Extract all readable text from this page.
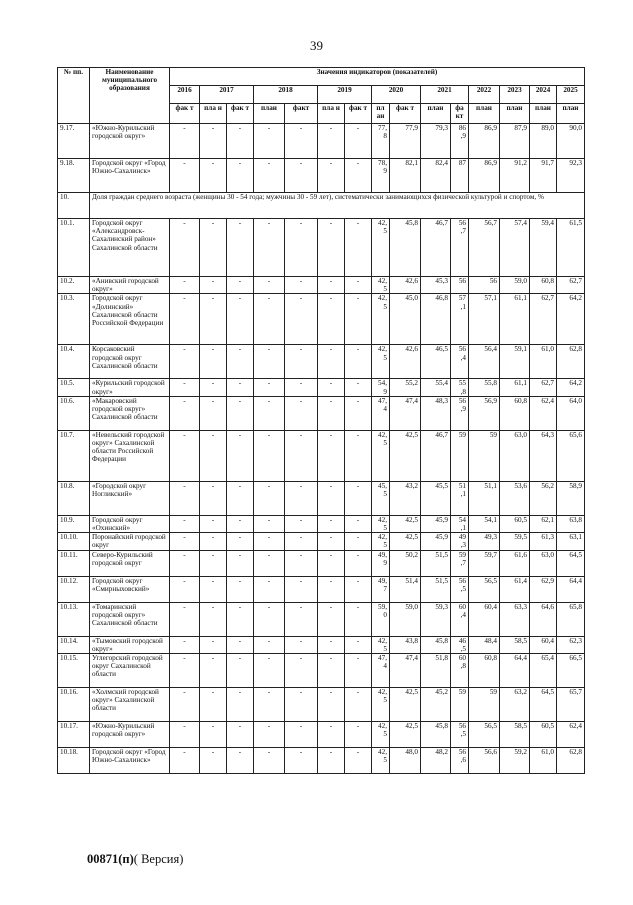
39
№ пп.	Наименование муниципального образования	Значения индикаторов (показателей)														
		2016	2017		2018		2019		2020		2021		2022	2023	2024	2025
		фак т	пла н	фак т	план	факт	пла н	фак т	пл ан	фак т	план	фа кт	план	план	план	план
9.17.	«Южно-Курильский городской округ»	-	-	-	-	-	-	-	77, 8	77,9	79,3	86 ,9	86,9	87,9	89,0	90,0
9.18.	Городской округ «Город Южно-Сахалинск»	-	-	-	-	-	-	-	78, 9	82,1	82,4	87	86,9	91,2	91,7	92,3
10.	Доля граждан среднего возраста (женщины 30 - 54 года; мужчины 30 - 59 лет), систематически занимающихся физической культурой и спортом, %															
10.1.	Городской округ «Александровск-Сахалинский район» Сахалинской области	-	-	-	-	-	-	-	42, 5	45,8	46,7	56 ,7	56,7	57,4	59,4	61,5
10.2.	«Анивский городской округ»	-	-	-	-	-	-	-	42, 5	42,6	45,3	56	56	59,0	60,8	62,7
10.3.	Городской округ «Долинский» Сахалинской области Российской Федерации	-	-	-	-	-	-	-	42, 5	45,0	46,8	57 ,1	57,1	61,1	62,7	64,2
10.4.	Корсаковский городской округ Сахалинской области	-	-	-	-	-	-	-	42, 5	42,6	46,5	56 ,4	56,4	59,1	61,0	62,8
10.5.	«Курильский городской округ»	-	-	-	-	-	-	-	54, 9	55,2	55,4	55 ,8	55,8	61,1	62,7	64,2
10.6.	«Макаровский городской округ» Сахалинской области	-	-	-	-	-	-	-	47, 4	47,4	48,3	56 ,9	56,9	60,8	62,4	64,0
10.7.	«Невельский городской округ» Сахалинской области Российской Федерации	-	-	-	-	-	-	-	42, 5	42,5	46,7	59	59	63,0	64,3	65,6
10.8.	«Городской округ Ногликский»	-	-	-	-	-	-	-	45, 5	43,2	45,5	51 ,1	51,1	53,6	56,2	58,9
10.9.	Городской округ «Охинский»	-	-	-	-	-	-	-	42, 5	42,5	45,9	54 ,1	54,1	60,5	62,1	63,8
10.10.	Поронайский городской округ	-	-	-	-	-	-	-	42, 5	42,5	45,9	49 ,3	49,3	59,5	61,3	63,1
10.11.	Северо-Курильский городской округ	-	-	-	-	-	-	-	49, 9	50,2	51,5	59 ,7	59,7	61,6	63,0	64,5
10.12.	Городской округ «Смирныховский»	-	-	-	-	-	-	-	49, 7	51,4	51,5	56 ,5	56,5	61,4	62,9	64,4
10.13.	«Томаринский городской округ» Сахалинской области	-	-	-	-	-	-	-	59, 0	59,0	59,3	60 ,4	60,4	63,3	64,6	65,8
10.14.	«Тымовский городской округ»	-	-	-	-	-	-	-	42, 5	43,8	45,8	46 ,5	48,4	58,5	60,4	62,3
10.15.	Углегорский городской округ Сахалинской области	-	-	-	-	-	-	-	47, 4	47,4	51,8	60 ,8	60,8	64,4	65,4	66,5
10.16.	«Холмский городской округ» Сахалинской области	-	-	-	-	-	-	-	42, 5	42,5	45,2	59	59	63,2	64,5	65,7
10.17.	«Южно-Курильский городской округ»	-	-	-	-	-	-	-	42, 5	42,5	45,8	56 ,5	56,5	58,5	60,5	62,4
10.18.	Городской округ «Город Южно-Сахалинск»	-	-	-	-	-	-	-	42, 5	48,0	48,2	56 ,6	56,6	59,2	61,0	62,8
00871(п)( Версия)
